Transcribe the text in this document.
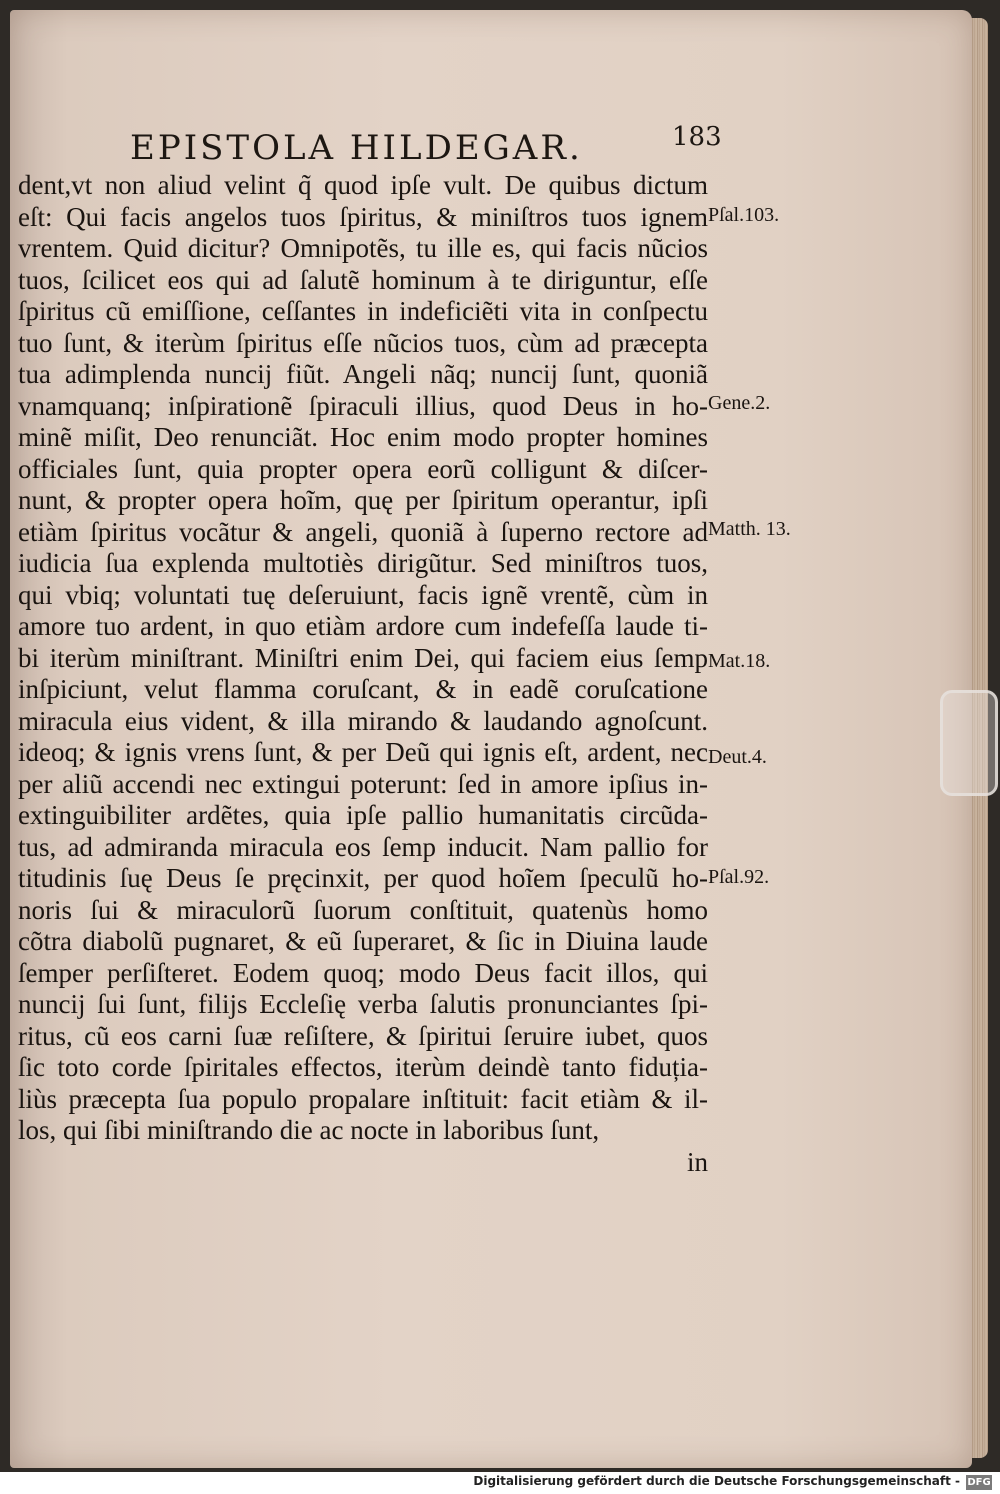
EPISTOLA HILDEGAR.	183
dent,vt non aliud velint q̃ quod ipſe vult. De quibus dictum
eſt: Qui facis angelos tuos ſpiritus, & miniſtros tuos ignem
vrentem. Quid dicitur? Omnipotẽs, tu ille es, qui facis nũcios
tuos, ſcilicet eos qui ad ſalutẽ hominum à te diriguntur, eſſe
ſpiritus cũ emiſſione, ceſſantes in indeficiẽti vita in conſpectu
tuo ſunt, & iterùm ſpiritus eſſe nũcios tuos, cùm ad præcepta
tua adimplenda nuncij fiũt. Angeli nãq; nuncij ſunt, quoniã
vnamquanq; inſpirationẽ ſpiraculi illius, quod Deus in ho-
minẽ miſit, Deo renunciãt. Hoc enim modo propter homines
officiales ſunt, quia propter opera eorũ colligunt & diſcer-
nunt, & propter opera hoĩm, quę per ſpiritum operantur, ipſi
etiàm ſpiritus vocãtur & angeli, quoniã à ſuperno rectore ad
iudicia ſua explenda multotiès dirigũtur. Sed miniſtros tuos,
qui vbiq; voluntati tuę deſeruiunt, facis ignẽ vrentẽ, cùm in
amore tuo ardent, in quo etiàm ardore cum indefeſſa laude ti-
bi iterùm miniſtrant. Miniſtri enim Dei, qui faciem eius ſemp
inſpiciunt, velut flamma coruſcant, & in eadẽ coruſcatione
miracula eius vident, & illa mirando & laudando agnoſcunt.
ideoq; & ignis vrens ſunt, & per Deũ qui ignis eſt, ardent, nec
per aliũ accendi nec extingui poterunt: ſed in amore ipſius in-
extinguibiliter ardẽtes, quia ipſe pallio humanitatis circũda-
tus, ad admiranda miracula eos ſemp inducit. Nam pallio for
titudinis ſuę Deus ſe pręcinxit, per quod hoĩem ſpeculũ ho-
noris ſui & miraculorũ ſuorum conſtituit, quatenùs homo
cõtra diabolũ pugnaret, & eũ ſuperaret, & ſic in Diuina laude
ſemper perſiſteret. Eodem quoq; modo Deus facit illos, qui
nuncij ſui ſunt, filijs Eccleſię verba ſalutis pronunciantes ſpi-
ritus, cũ eos carni ſuæ reſiſtere, & ſpiritui ſeruire iubet, quos
ſic toto corde ſpiritales effectos, iterùm deindè tanto fiduția-
liùs præcepta ſua populo propalare inſtituit: facit etiàm & il-
los, qui ſibi miniſtrando die ac nocte in laboribus ſunt,
in
Pſal.103.
Gene.2.
Matth. 13.
Mat.18.
Deut.4.
Pſal.92.
Digitalisierung gefördert durch die Deutsche Forschungsgemeinschaft - DFG
